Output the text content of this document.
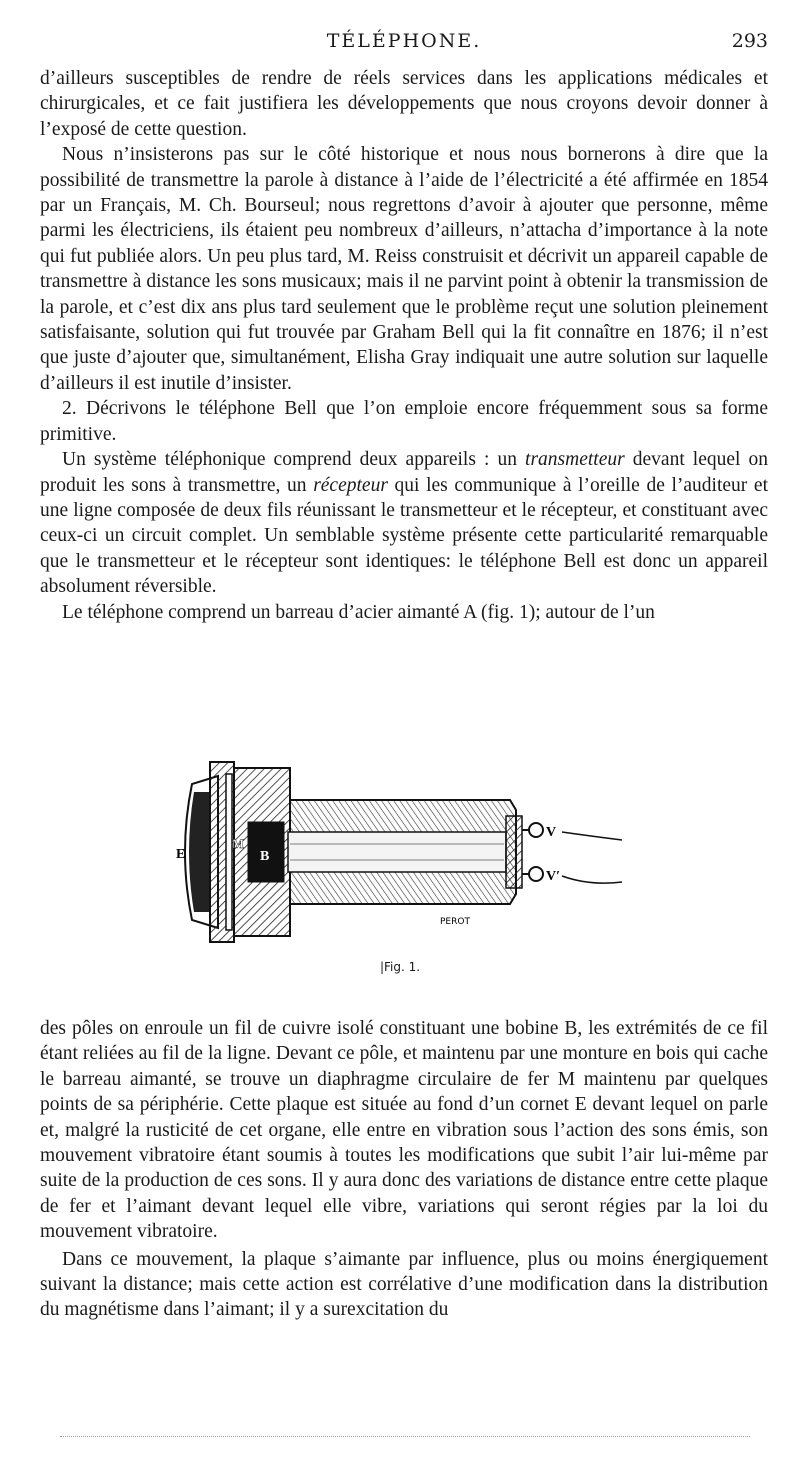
TÉLÉPHONE.	293

d’ailleurs susceptibles de rendre de réels services dans les applications médicales et chirurgicales, et ce fait justifiera les développements que nous croyons devoir donner à l’exposé de cette question.

Nous n’insisterons pas sur le côté historique et nous nous bornerons à dire que la possibilité de transmettre la parole à distance à l’aide de l’électricité a été affirmée en 1854 par un Français, M. Ch. Bourseul; nous regrettons d’avoir à ajouter que personne, même parmi les électriciens, ils étaient peu nombreux d’ailleurs, n’attacha d’importance à la note qui fut publiée alors. Un peu plus tard, M. Reiss construisit et décrivit un appareil capable de transmettre à distance les sons musicaux; mais il ne parvint point à obtenir la transmission de la parole, et c’est dix ans plus tard seulement que le problème reçut une solution pleinement satisfaisante, solution qui fut trouvée par Graham Bell qui la fit connaître en 1876; il n’est que juste d’ajouter que, simultanément, Elisha Gray indiquait une autre solution sur laquelle d’ailleurs il est inutile d’insister.

2. Décrivons le téléphone Bell que l’on emploie encore fréquemment sous sa forme primitive.

Un système téléphonique comprend deux appareils : un transmetteur devant lequel on produit les sons à transmettre, un récepteur qui les communique à l’oreille de l’auditeur et une ligne composée de deux fils réunissant le transmetteur et le récepteur, et constituant avec ceux-ci un circuit complet. Un semblable système présente cette particularité remarquable que le transmetteur et le récepteur sont identiques: le téléphone Bell est donc un appareil absolument réversible.

Le téléphone comprend un barreau d’acier aimanté A (fig. 1); autour de l’un

E
M
B
V
V′
PEROT
|Fig. 1.

des pôles on enroule un fil de cuivre isolé constituant une bobine B, les extrémités de ce fil étant reliées au fil de la ligne. Devant ce pôle, et maintenu par une monture en bois qui cache le barreau aimanté, se trouve un diaphragme circulaire de fer M maintenu par quelques points de sa périphérie. Cette plaque est située au fond d’un cornet E devant lequel on parle et, malgré la rusticité de cet organe, elle entre en vibration sous l’action des sons émis, son mouvement vibratoire étant soumis à toutes les modifications que subit l’air lui-même par suite de la production de ces sons. Il y aura donc des variations de distance entre cette plaque de fer et l’aimant devant lequel elle vibre, variations qui seront régies par la loi du mouvement vibratoire.

Dans ce mouvement, la plaque s’aimante par influence, plus ou moins énergiquement suivant la distance; mais cette action est corrélative d’une modification dans la distribution du magnétisme dans l’aimant; il y a surexcitation du
